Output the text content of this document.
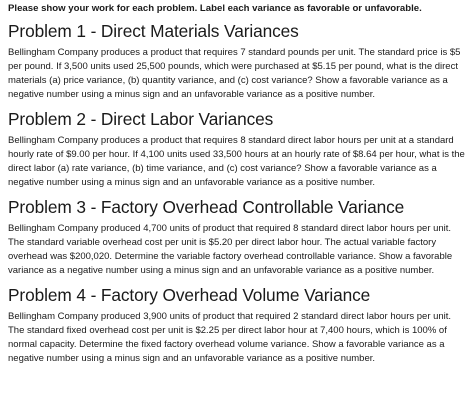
Please show your work for each problem. Label each variance as favorable or unfavorable.
Problem 1 - Direct Materials Variances

Bellingham Company produces a product that requires 7 standard pounds per unit. The standard price is $5 per pound. If 3,500 units used 25,500 pounds, which were purchased at $5.15 per pound, what is the direct materials (a) price variance, (b) quantity variance, and (c) cost variance? Show a favorable variance as a negative number using a minus sign and an unfavorable variance as a positive number.

Problem 2 - Direct Labor Variances

Bellingham Company produces a product that requires 8 standard direct labor hours per unit at a standard hourly rate of $9.00 per hour. If 4,100 units used 33,500 hours at an hourly rate of $8.64 per hour, what is the direct labor (a) rate variance, (b) time variance, and (c) cost variance? Show a favorable variance as a negative number using a minus sign and an unfavorable variance as a positive number.

Problem 3 - Factory Overhead Controllable Variance

Bellingham Company produced 4,700 units of product that required 8 standard direct labor hours per unit. The standard variable overhead cost per unit is $5.20 per direct labor hour. The actual variable factory overhead was $200,020. Determine the variable factory overhead controllable variance. Show a favorable variance as a negative number using a minus sign and an unfavorable variance as a positive number.

Problem 4 - Factory Overhead Volume Variance

Bellingham Company produced 3,900 units of product that required 2 standard direct labor hours per unit. The standard fixed overhead cost per unit is $2.25 per direct labor hour at 7,400 hours, which is 100% of normal capacity. Determine the fixed factory overhead volume variance. Show a favorable variance as a negative number using a minus sign and an unfavorable variance as a positive number.
